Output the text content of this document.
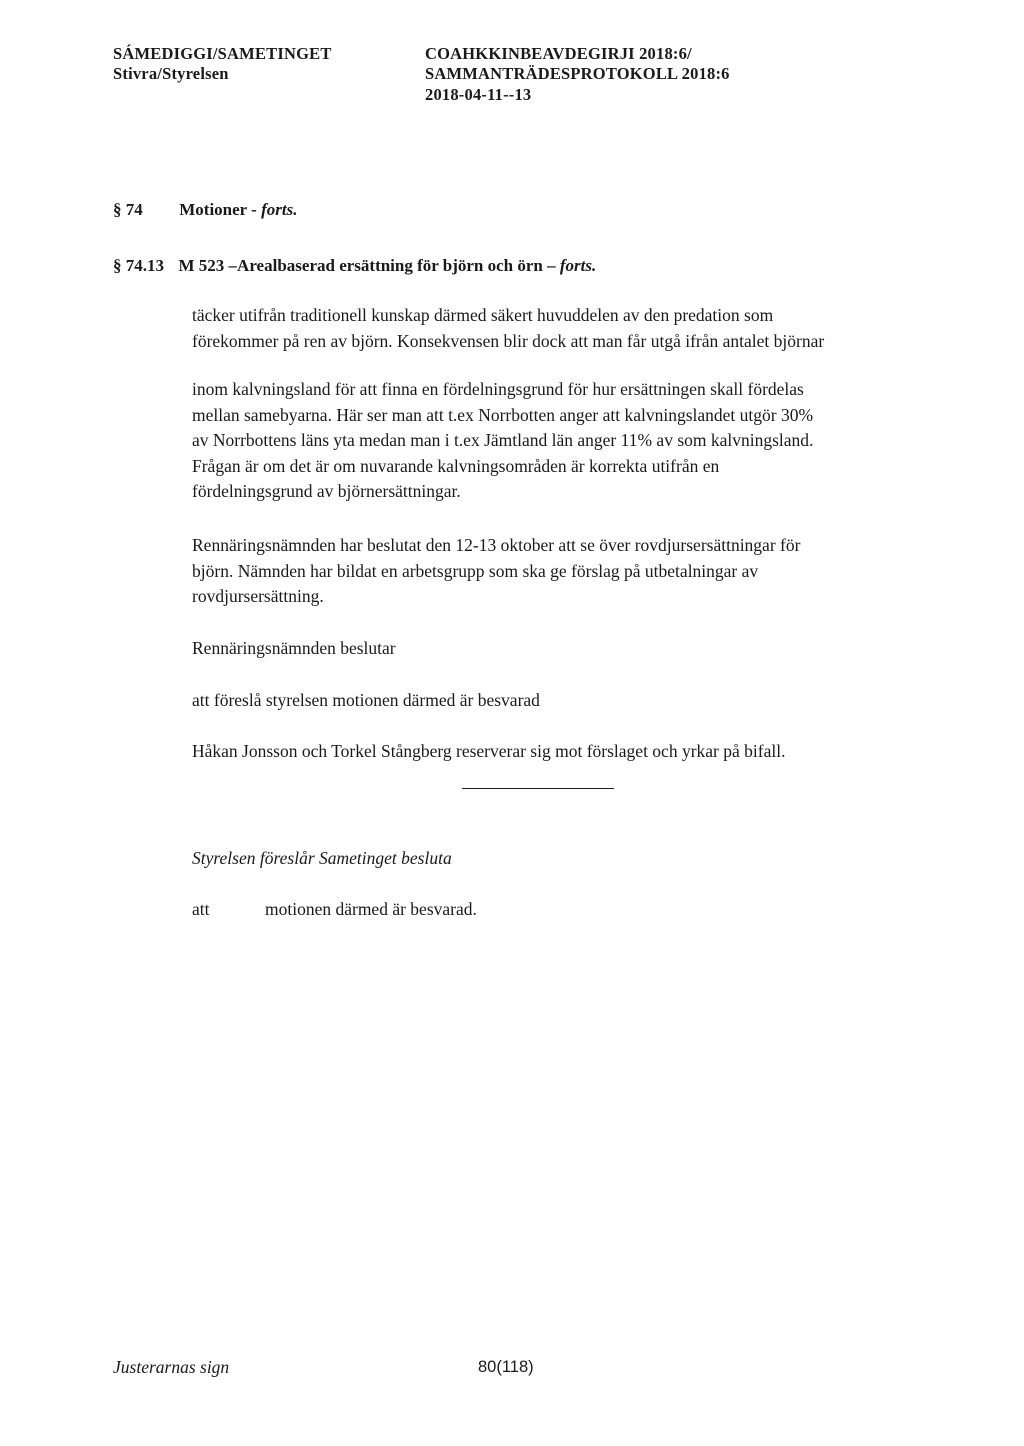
SÁMEDIGGI/SAMETINGET
Stivra/Styrelsen
COAHKKINBEAVDEGIRJI 2018:6/
SAMMANTRÄDESPROTOKOLL 2018:6
2018-04-11--13
§ 74 Motioner - forts.
§ 74.13 M 523 –Arealbaserad ersättning för björn och örn – forts.
täcker utifrån traditionell kunskap därmed säkert huvuddelen av den predation som
förekommer på ren av björn. Konsekvensen blir dock att man får utgå ifrån antalet björnar
inom kalvningsland för att finna en fördelningsgrund för hur ersättningen skall fördelas
mellan samebyarna. Här ser man att t.ex Norrbotten anger att kalvningslandet utgör 30%
av Norrbottens läns yta medan man i t.ex Jämtland län anger 11% av som kalvningsland.
Frågan är om det är om nuvarande kalvningsområden är korrekta utifrån en
fördelningsgrund av björnersättningar.
Rennäringsnämnden har beslutat den 12-13 oktober att se över rovdjursersättningar för
björn. Nämnden har bildat en arbetsgrupp som ska ge förslag på utbetalningar av
rovdjursersättning.
Rennäringsnämnden beslutar
att föreslå styrelsen motionen därmed är besvarad
Håkan Jonsson och Torkel Stångberg reserverar sig mot förslaget och yrkar på bifall.
Styrelsen föreslår Sametinget besluta
att	motionen därmed är besvarad.
Justerarnas sign	80(118)
